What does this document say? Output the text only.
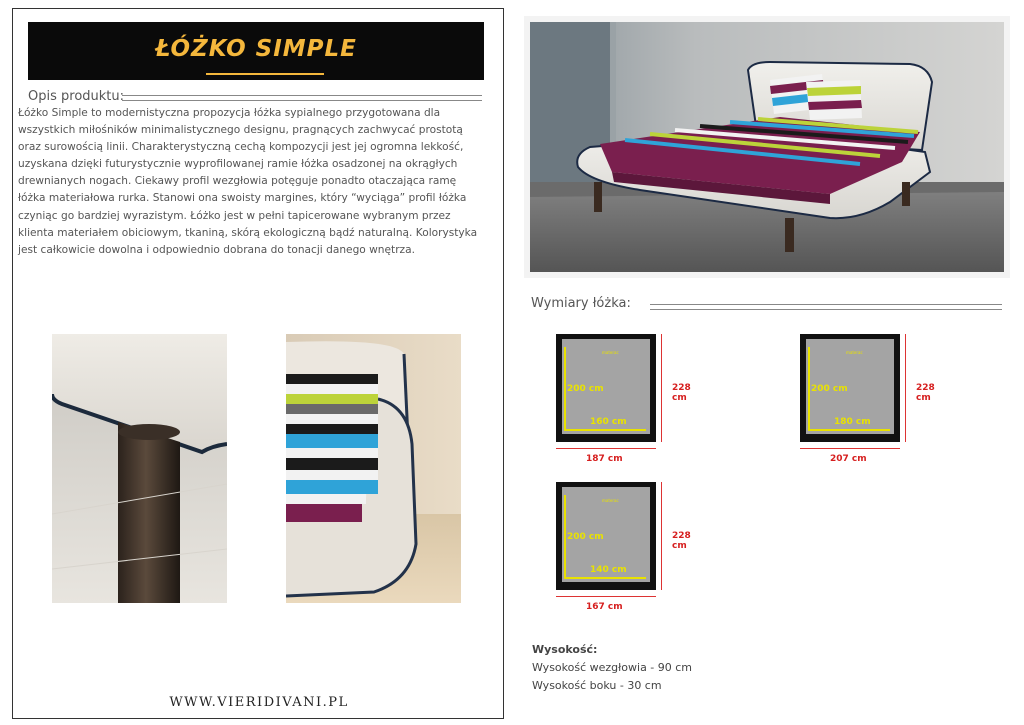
ŁÓŻKO SIMPLE
Opis produktu:
Łóżko Simple to modernistyczna propozycja łóżka sypialnego przygotowana dla wszystkich miłośników minimalistycznego designu, pragnących zachwycać prostotą oraz surowością linii. Charakterystyczną cechą kompozycji jest jej ogromna lekkość, uzyskana dzięki futurystycznie wyprofilowanej ramie łóżka osadzonej na okrągłych drewnianych nogach. Ciekawy profil wezgłowia potęguje ponadto otaczająca ramę łóżka materiałowa rurka. Stanowi ona swoisty margines, który “wyciąga” profil łóżka czyniąc go bardziej wyrazistym. Łóżko jest w pełni tapicerowane wybranym przez klienta materiałem obiciowym, tkaniną, skórą ekologiczną bądź naturalną. Kolorystyka jest całkowicie dowolna i odpowiednio dobrana do tonacji danego wnętrza.
WWW.VIERIDIVANI.PL
Wymiary łóżka:
materac
200 cm
160 cm
228 cm
187 cm
materac
200 cm
180 cm
228 cm
207 cm
materac
200 cm
140 cm
228 cm
167 cm
Wysokość:
Wysokość wezgłowia - 90 cm
Wysokość boku - 30 cm
